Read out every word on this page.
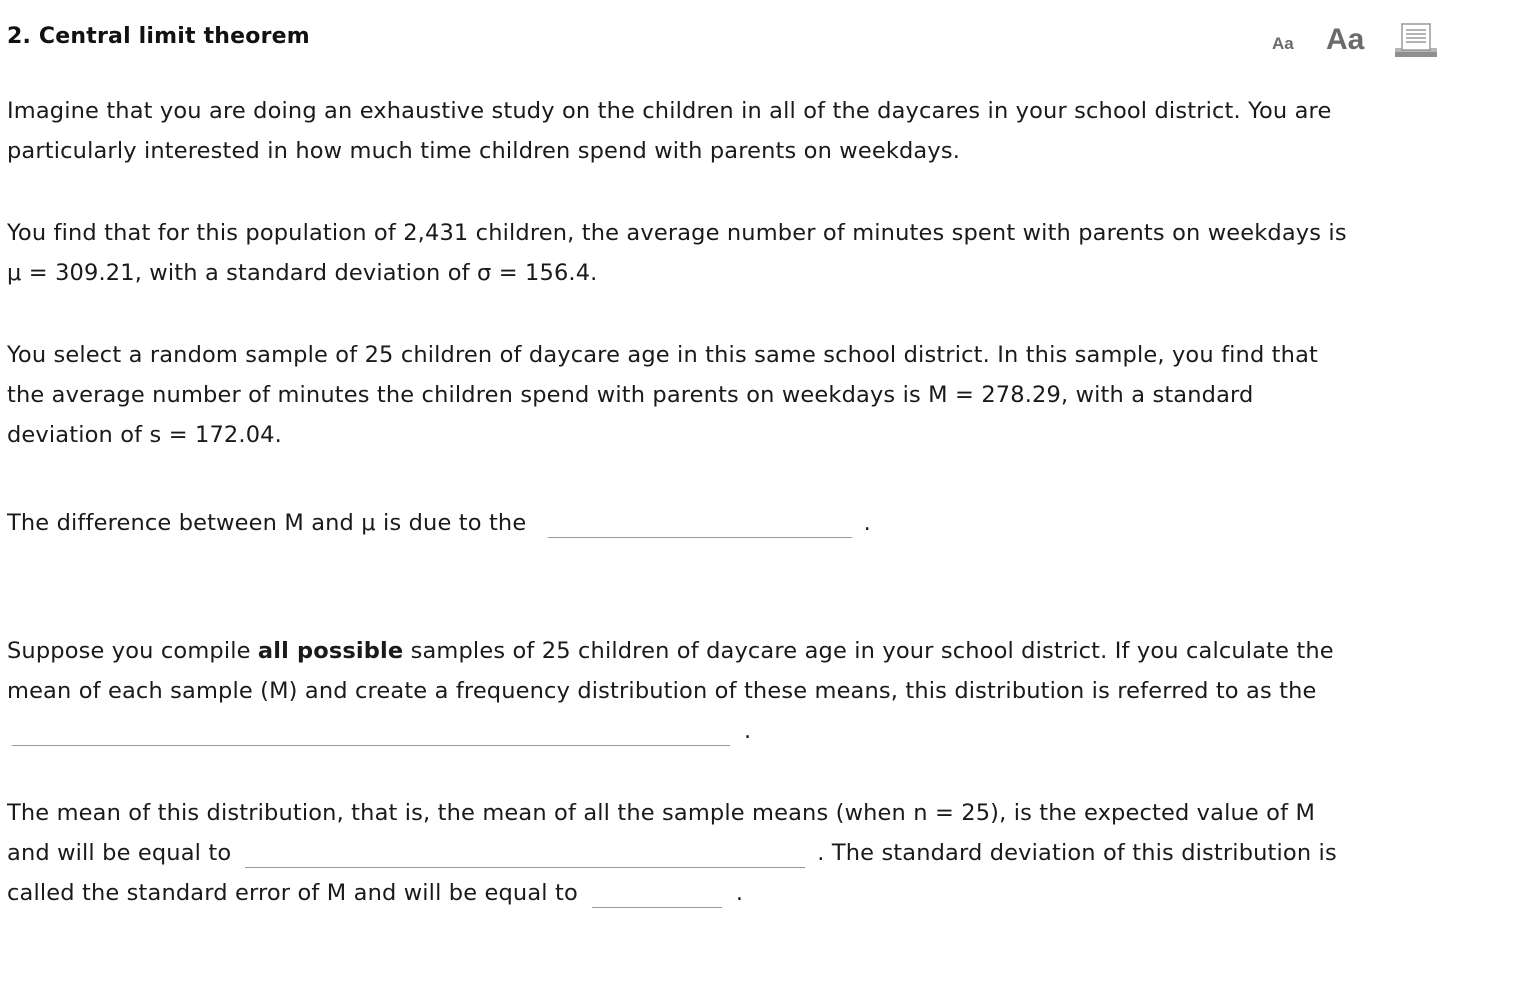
2. Central limit theorem	Aa Aa
Imagine that you are doing an exhaustive study on the children in all of the daycares in your school district. You are particularly interested in how much time children spend with parents on weekdays.
You find that for this population of 2,431 children, the average number of minutes spent with parents on weekdays is
μ = 309.21, with a standard deviation of σ = 156.4.
You select a random sample of 25 children of daycare age in this same school district. In this sample, you find that
the average number of minutes the children spend with parents on weekdays is M = 278.29, with a standard
deviation of s = 172.04.
The difference between M and μ is due to the	.
Suppose you compile all possible samples of 25 children of daycare age in your school district. If you calculate the
mean of each sample (M) and create a frequency distribution of these means, this distribution is referred to as the
.
The mean of this distribution, that is, the mean of all the sample means (when n = 25), is the expected value of M
and will be equal to	. The standard deviation of this distribution is
called the standard error of M and will be equal to	.
